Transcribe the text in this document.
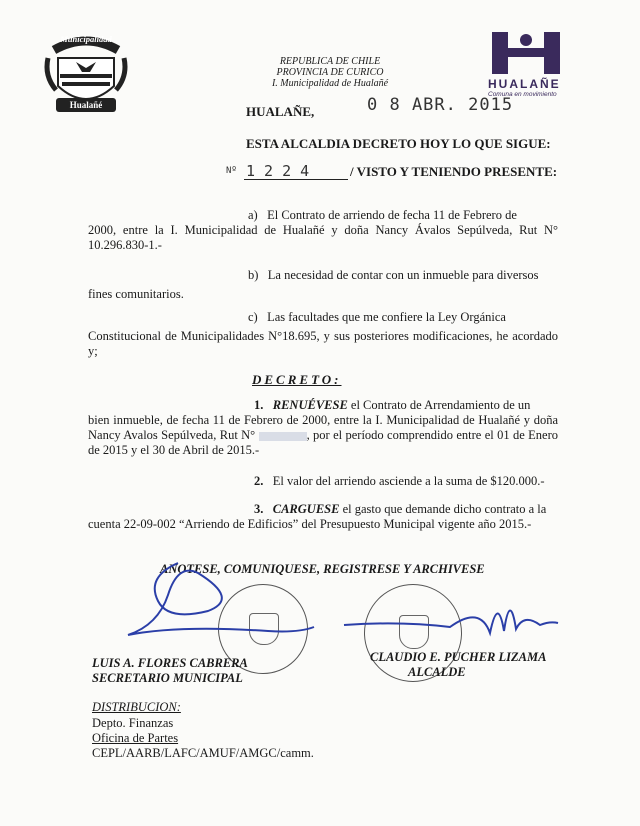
Municipalidad
Hualañé
REPUBLICA DE CHILE
PROVINCIA DE CURICO
I. Municipalidad de Hualañé	HUALAÑE
Comuna en movimiento
HUALAÑE,	0 8 ABR. 2015
ESTA ALCALDIA DECRETO HOY LO QUE SIGUE:
Nº 1 2 2 4	/ VISTO Y TENIENDO PRESENTE:
a) El Contrato de arriendo de fecha 11 de Febrero de
2000, entre la I. Municipalidad de Hualañé y doña Nancy Ávalos Sepúlveda, Rut N° 10.296.830-1.-
b) La necesidad de contar con un inmueble para diversos
fines comunitarios.
c) Las facultades que me confiere la Ley Orgánica
Constitucional de Municipalidades N°18.695, y sus posteriores modificaciones, he acordado y;
DECRETO:
1. RENUÉVESE el Contrato de Arrendamiento de un
bien inmueble, de fecha 11 de Febrero de 2000, entre la I. Municipalidad de Hualañé y doña Nancy Avalos Sepúlveda, Rut N°	, por el período comprendido entre el 01 de Enero de 2015 y el 30 de Abril de 2015.-
2. El valor del arriendo asciende a la suma de $120.000.-
3. CARGUESE el gasto que demande dicho contrato a la
cuenta 22-09-002 “Arriendo de Edificios” del Presupuesto Municipal vigente año 2015.-
ANOTESE, COMUNIQUESE, REGISTRESE Y ARCHIVESE
LUIS A. FLORES CABRERA
SECRETARIO MUNICIPAL
CLAUDIO E. PUCHER LIZAMA
ALCALDE
DISTRIBUCION:
Depto. Finanzas
Oficina de Partes
CEPL/AARB/LAFC/AMUF/AMGC/camm.
